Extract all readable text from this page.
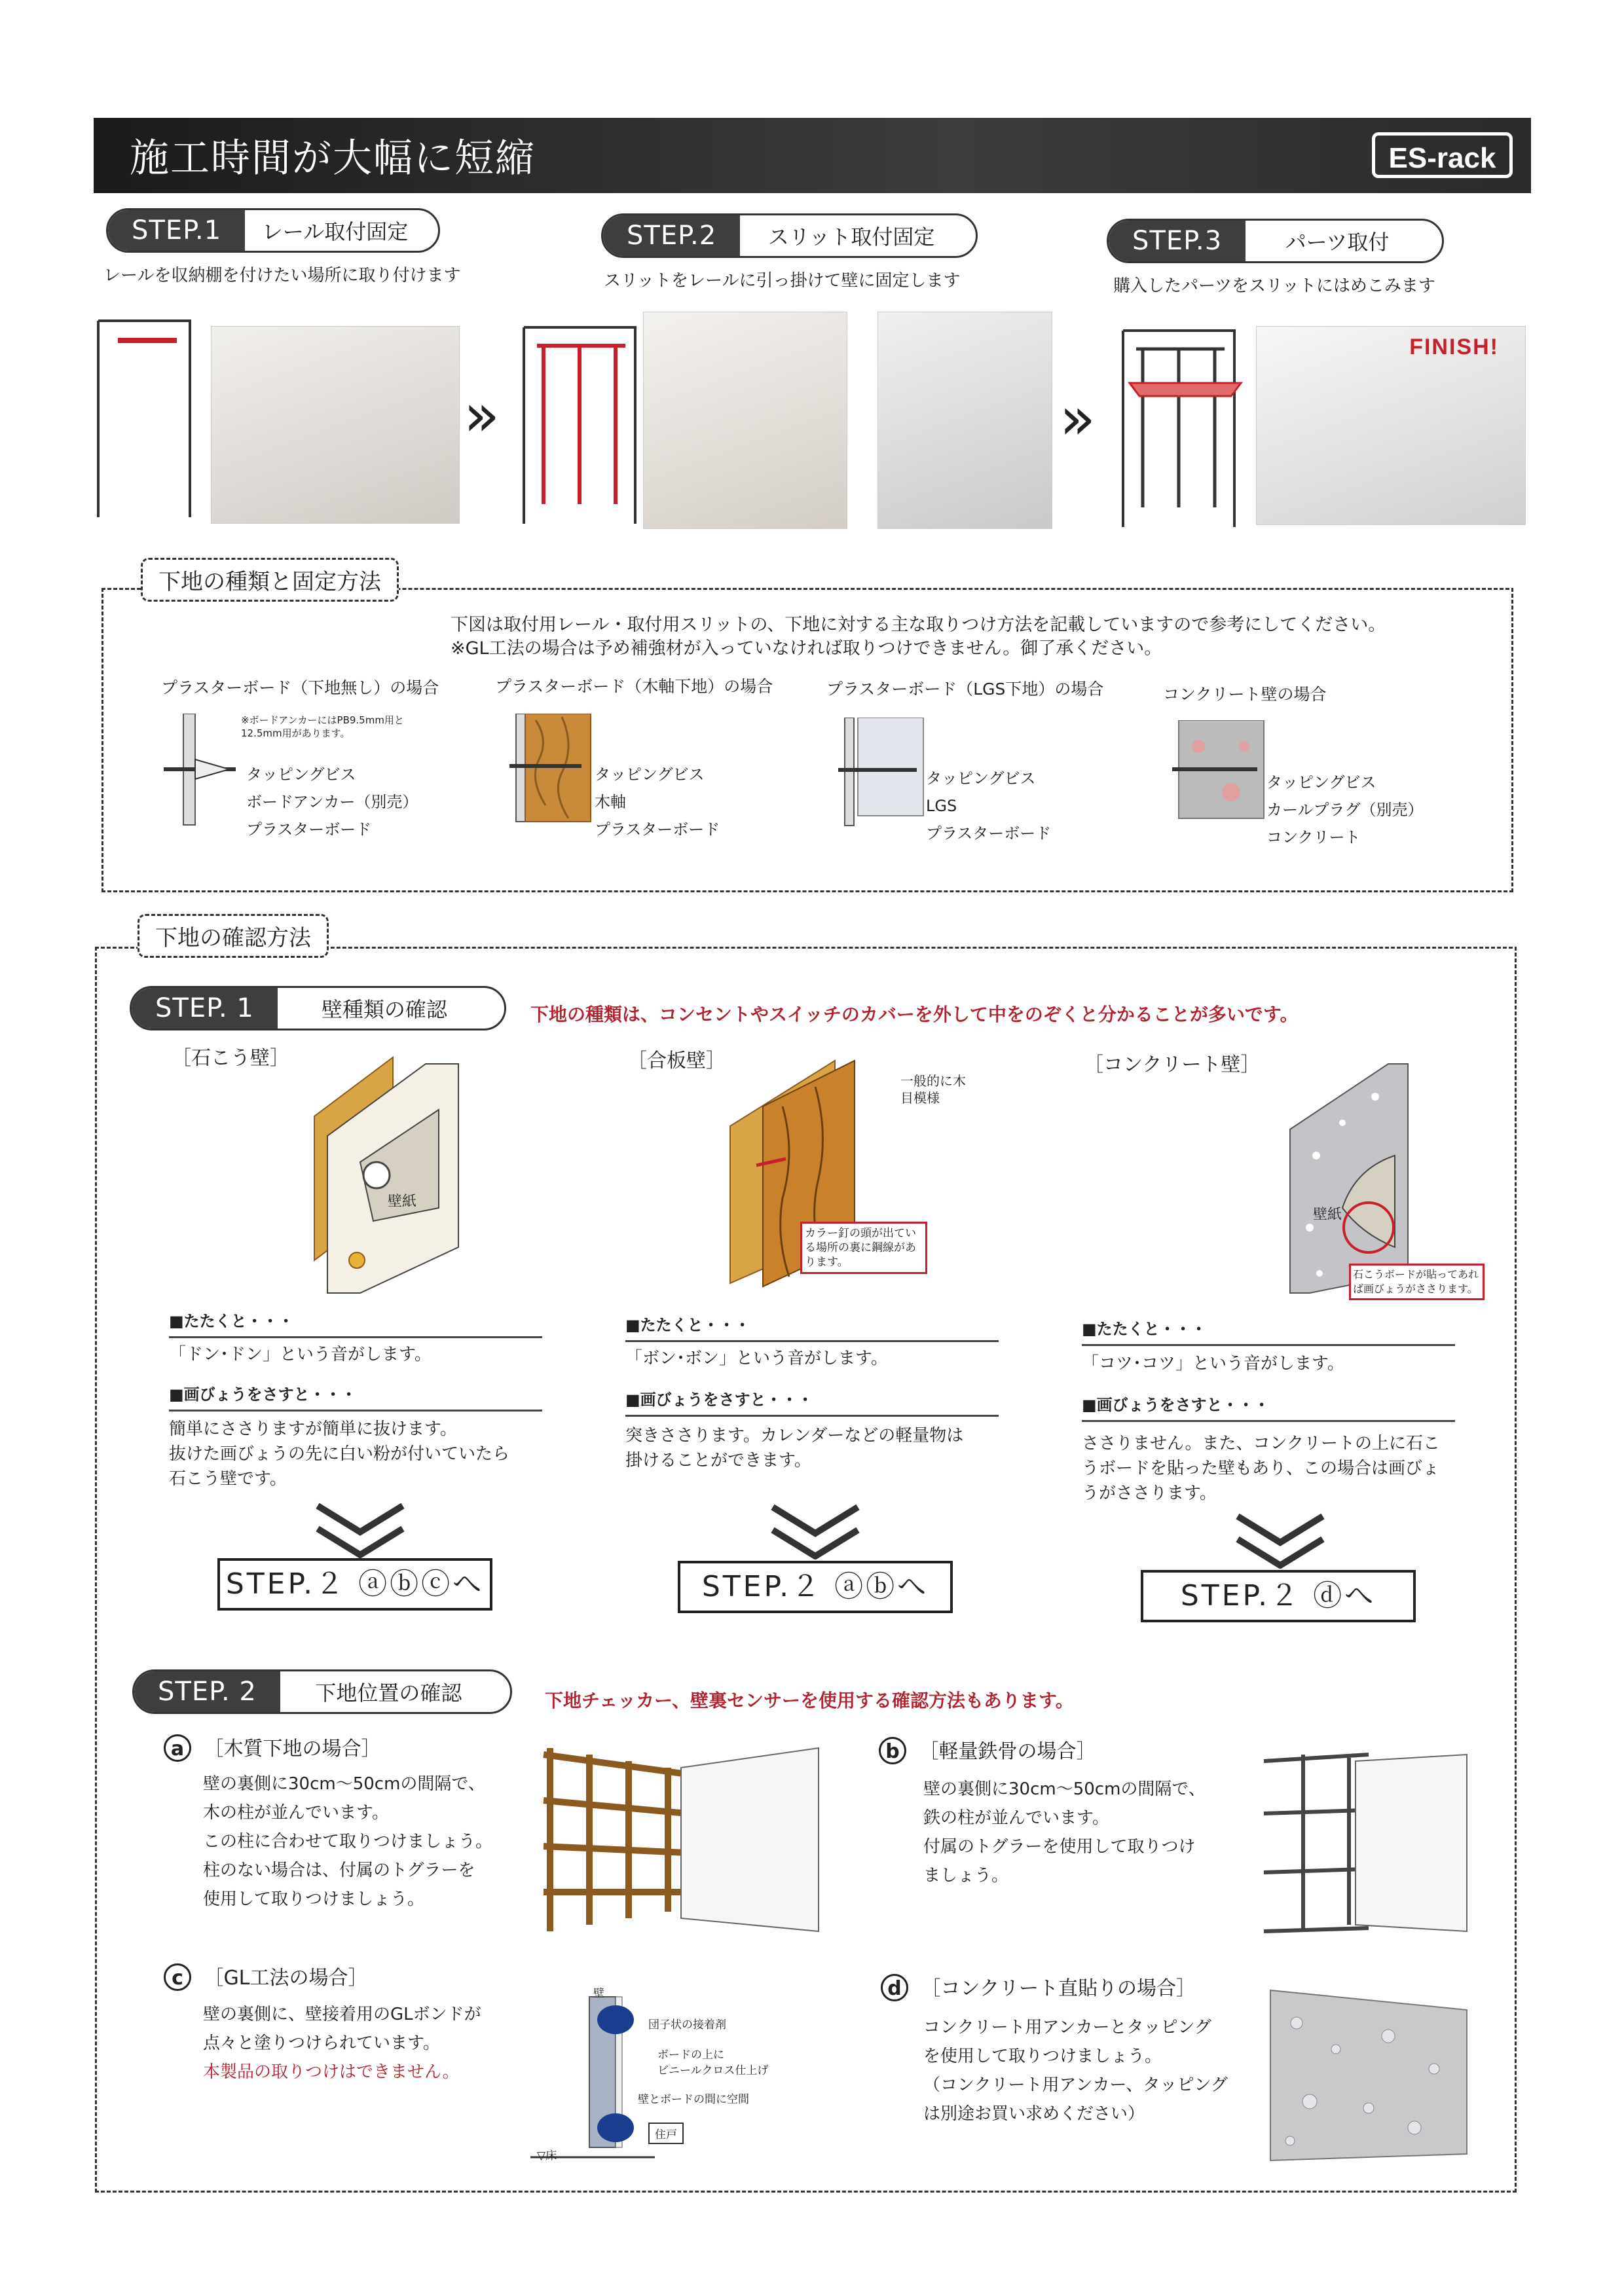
施工時間が大幅に短縮	ES-rack
STEP.1	レール取付固定
レールを収納棚を付けたい場所に取り付けます
STEP.2	スリット取付固定
スリットをレールに引っ掛けて壁に固定します
STEP.3	パーツ取付
購入したパーツをスリットにはめこみます
»	»
FINISH!
下地の種類と固定方法
下図は取付用レール・取付用スリットの、下地に対する主な取りつけ方法を記載していますので参考にしてください。
※GL工法の場合は予め補強材が入っていなければ取りつけできません。御了承ください。
プラスターボード（下地無し）の場合
※ボードアンカーにはPB9.5mm用と12.5mm用があります。
タッピングビス
ボードアンカー（別売）
プラスターボード
プラスターボード（木軸下地）の場合
タッピングビス
木軸
プラスターボード
プラスターボード（LGS下地）の場合
タッピングビス
LGS
プラスターボード
コンクリート壁の場合
タッピングビス
カールプラグ（別売）
コンクリート
下地の確認方法
STEP. 1	壁種類の確認	下地の種類は、コンセントやスイッチのカバーを外して中をのぞくと分かることが多いです。
［石こう壁］
壁紙
■たたくと・・・
「ドン･ドン」という音がします。
■画びょうをさすと・・・
簡単にささりますが簡単に抜けます。
抜けた画びょうの先に白い粉が付いていたら
石こう壁です。
STEP.２ ⓐⓑⓒへ
［合板壁］
一般的に木目模様
カラー釘の頭が出ている場所の裏に鋼線があります。
■たたくと・・・
「ボン･ボン」という音がします。
■画びょうをさすと・・・
突きささります。カレンダーなどの軽量物は
掛けることができます。
STEP.２ ⓐⓑへ
［コンクリート壁］
壁紙
石こうボードが貼ってあれば画びょうがささります。
■たたくと・・・
「コツ･コツ」という音がします。
■画びょうをさすと・・・
ささりません。また、コンクリートの上に石こ
うボードを貼った壁もあり、この場合は画びょ
うがささります。
STEP.２ ⓓへ
STEP. 2	下地位置の確認	下地チェッカー、壁裏センサーを使用する確認方法もあります。
a ［木質下地の場合］
壁の裏側に30cm〜50cmの間隔で、
木の柱が並んでいます。
この柱に合わせて取りつけましょう。
柱のない場合は、付属のトグラーを
使用して取りつけましょう。
b ［軽量鉄骨の場合］
壁の裏側に30cm〜50cmの間隔で、
鉄の柱が並んでいます。
付属のトグラーを使用して取りつけ
ましょう。
c ［GL工法の場合］
壁の裏側に、壁接着用のGLボンドが
点々と塗りつけられています。
本製品の取りつけはできません。
壁
団子状の接着剤
ボードの上に
ビニールクロス仕上げ
壁とボードの間に空間
住戸
▽床
d ［コンクリート直貼りの場合］
コンクリート用アンカーとタッピング
を使用して取りつけましょう。
（コンクリート用アンカー、タッピング
は別途お買い求めください）
